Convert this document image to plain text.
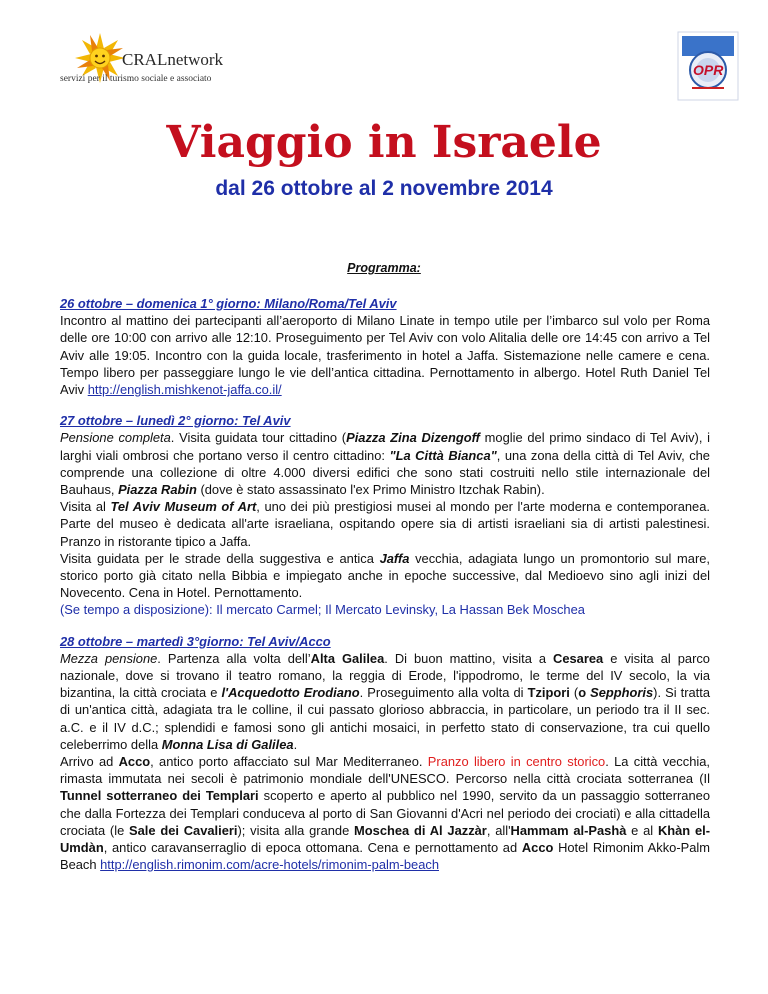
CRALnetwork
servizi per il turismo sociale e associato
OPR
Viaggio in Israele
dal 26 ottobre al 2 novembre 2014
Programma:
26 ottobre – domenica 1° giorno: Milano/Roma/Tel Aviv

Incontro al mattino dei partecipanti all’aeroporto di Milano Linate in tempo utile per l’imbarco sul volo per Roma delle ore 10:00 con arrivo alle 12:10. Proseguimento per Tel Aviv con volo Alitalia delle ore 14:45 con arrivo a Tel Aviv alle 19:05. Incontro con la guida locale, trasferimento in hotel a Jaffa. Sistemazione nelle camere e cena. Tempo libero per passeggiare lungo le vie dell’antica cittadina. Pernottamento in albergo. Hotel Ruth Daniel Tel Aviv http://english.mishkenot-jaffa.co.il/

27 ottobre – lunedì 2° giorno: Tel Aviv

Pensione completa. Visita guidata tour cittadino (Piazza Zina Dizengoff moglie del primo sindaco di Tel Aviv), i larghi viali ombrosi che portano verso il centro cittadino: "La Città Bianca", una zona della città di Tel Aviv, che comprende una collezione di oltre 4.000 diversi edifici che sono stati costruiti nello stile internazionale del Bauhaus, Piazza Rabin (dove è stato assassinato l'ex Primo Ministro Itzchak Rabin).

Visita al Tel Aviv Museum of Art, uno dei più prestigiosi musei al mondo per l'arte moderna e contemporanea. Parte del museo è dedicata all'arte israeliana, ospitando opere sia di artisti israeliani sia di artisti palestinesi. Pranzo in ristorante tipico a Jaffa.

Visita guidata per le strade della suggestiva e antica Jaffa vecchia, adagiata lungo un promontorio sul mare, storico porto già citato nella Bibbia e impiegato anche in epoche successive, dal Medioevo sino agli inizi del Novecento. Cena in Hotel. Pernottamento.

(Se tempo a disposizione): Il mercato Carmel; Il Mercato Levinsky, La Hassan Bek Moschea

28 ottobre – martedì 3°giorno: Tel Aviv/Acco

Mezza pensione. Partenza alla volta dell’Alta Galilea. Di buon mattino, visita a Cesarea e visita al parco nazionale, dove si trovano il teatro romano, la reggia di Erode, l'ippodromo, le terme del IV secolo, la via bizantina, la città crociata e l'Acquedotto Erodiano. Proseguimento alla volta di Tzipori (o Sepphoris). Si tratta di un'antica città, adagiata tra le colline, il cui passato glorioso abbraccia, in particolare, un periodo tra il II sec. a.C. e il IV d.C.; splendidi e famosi sono gli antichi mosaici, in perfetto stato di conservazione, tra cui quello celeberrimo della Monna Lisa di Galilea.

Arrivo ad Acco, antico porto affacciato sul Mar Mediterraneo. Pranzo libero in centro storico. La città vecchia, rimasta immutata nei secoli è patrimonio mondiale dell'UNESCO. Percorso nella città crociata sotterranea (Il Tunnel sotterraneo dei Templari scoperto e aperto al pubblico nel 1990, servito da un passaggio sotterraneo che dalla Fortezza dei Templari conduceva al porto di San Giovanni d'Acri nel periodo dei crociati) e alla cittadella crociata (le Sale dei Cavalieri); visita alla grande Moschea di Al Jazzàr, all'Hammam al-Pashà e al Khàn el-Umdàn, antico caravanserraglio di epoca ottomana. Cena e pernottamento ad Acco Hotel Rimonim Akko-Palm Beach http://english.rimonim.com/acre-hotels/rimonim-palm-beach
